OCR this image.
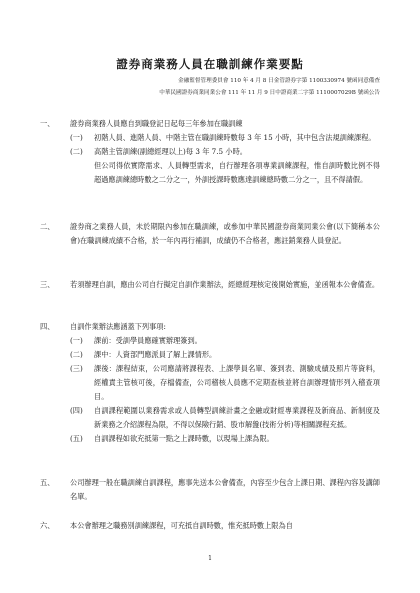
證券商業務人員在職訓練作業要點
金融監督管理委員會 110 年 4 月 8 日金管證券字第 1100330974 號函同意備查
中華民國證券商業同業公會 111 年 11 月 9 日中證商業二字第 1110007029B 號函公告
一、	證券商業務人員應自到職登記日起每三年參加在職訓練
(一)	初階人員、進階人員、中階主管在職訓練時數每 3 年 15 小時，其中包含法規訓練課程。
(二)	高階主管訓練(副總經理以上)每 3 年 7.5 小時。
但公司得依實際需求、人員轉型需求，自行辦理各項專業訓練課程，惟自訓時數比例不得超過應訓練總時數之二分之一，外訓授課時數應達訓練總時數二分之一，且不得請假。
二、	證券商之業務人員，未於期限內參加在職訓練，或參加中華民國證券商業同業公會(以下簡稱本公會)在職訓練成績不合格，於一年內再行補訓，成績仍不合格者，應註銷業務人員登記。
三、	若須辦理自訓，應由公司自行擬定自訓作業辦法，經總經理核定後開始實施，並函報本公會備查。
四、	自訓作業辦法應涵蓋下列事項:
(一)	課前：受訓學員應確實辦理簽到。
(二)	課中：人資部門應派員了解上課情形。
(三)	課後：課程結束，公司應請將課程表、上課學員名單、簽到表、測驗成績及照片等資料，經權責主管核可後，存檔備查，公司稽核人員應不定期查核並將自訓辦理情形列入稽查項目。
(四)	自訓課程範圍以業務需求或人員轉型訓練計畫之金融或財經專業課程及新商品、新制度及新業務之介紹課程為限，不得以保險行銷、股市解盤(技術分析)等相關課程充抵。
(五)	自訓課程如欲充抵第一點之上課時數，以現場上課為限。
五、	公司辦理一般在職訓練自訓課程，應事先送本公會備查，內容至少包含上課日期、課程內容及講師名單。
六、	本公會辦理之職務別訓練課程，可充抵自訓時數，惟充抵時數上限為自
1
